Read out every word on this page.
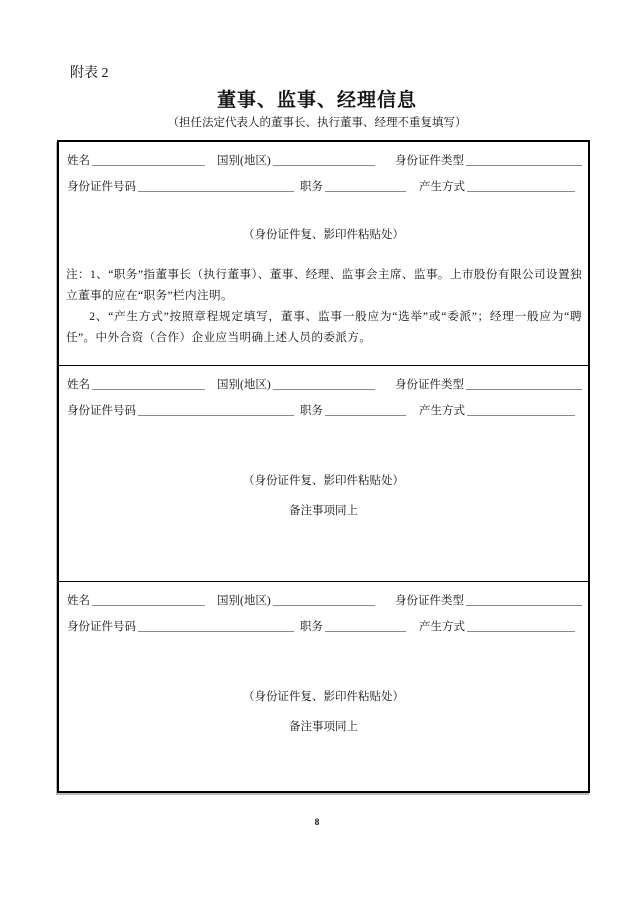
附表 2
董事、监事、经理信息
（担任法定代表人的董事长、执行董事、经理不重复填写）
姓名	国别(地区)	身份证件类型
身份证件号码	职务	产生方式
（身份证件复、影印件粘贴处）

注：1、“职务”指董事长（执行董事）、董事、经理、监事会主席、监事。上市股份有限公司设置独立董事的应在“职务”栏内注明。

2、“产生方式”按照章程规定填写，董事、监事一般应为“选举”或“委派”；经理一般应为“聘任”。中外合资（合作）企业应当明确上述人员的委派方。

姓名	国别(地区)	身份证件类型
身份证件号码	职务	产生方式
（身份证件复、影印件粘贴处）
备注事项同上
姓名	国别(地区)	身份证件类型
身份证件号码	职务	产生方式
（身份证件复、影印件粘贴处）
备注事项同上
8
